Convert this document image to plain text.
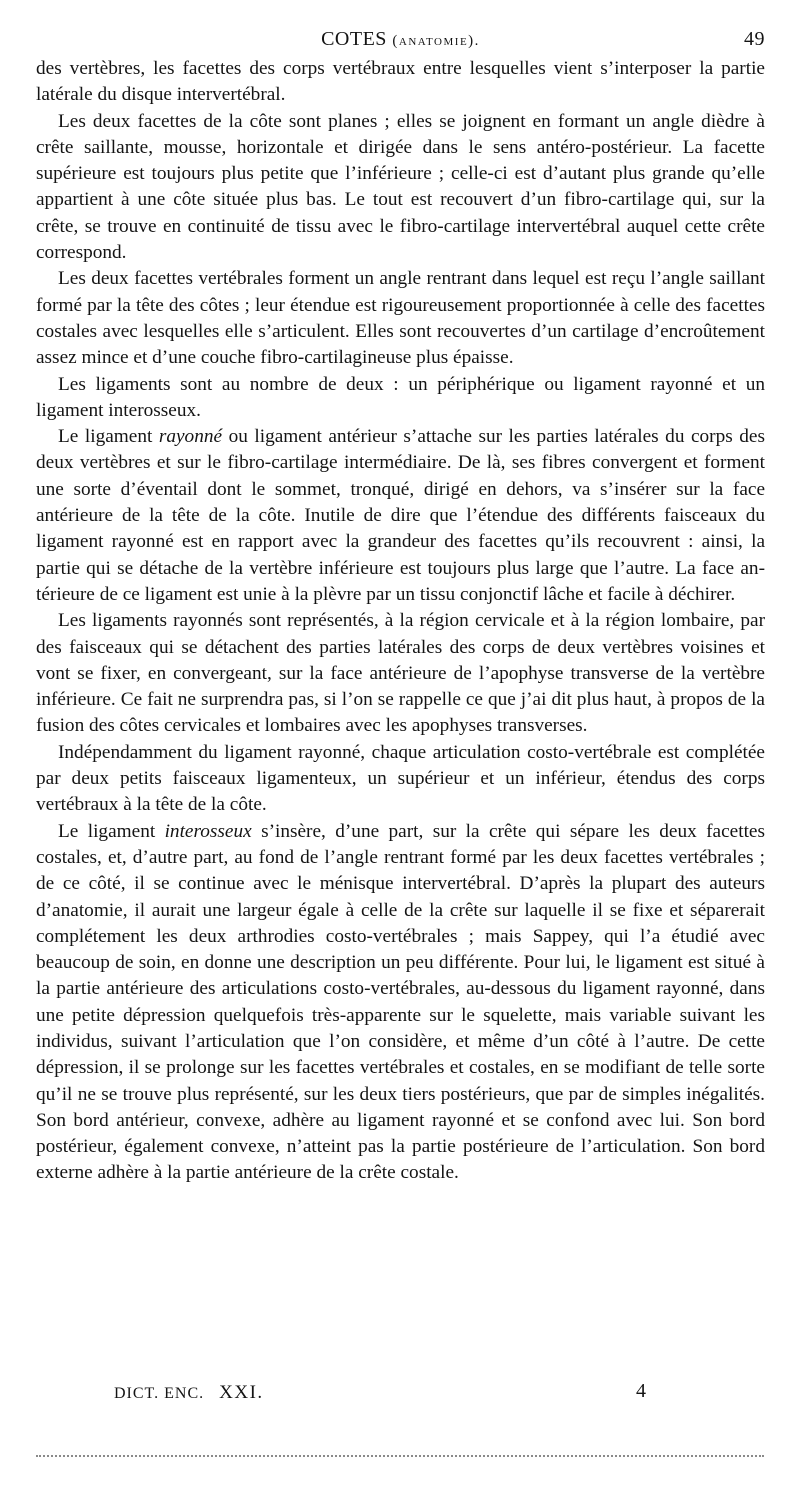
COTES (anatomie).	49

des vertèbres, les facettes des corps vertébraux entre lesquelles vient s’interposer la partie latérale du disque intervertébral.

Les deux facettes de la côte sont planes ; elles se joignent en formant un angle dièdre à crête saillante, mousse, horizontale et dirigée dans le sens antéro-postérieur. La facette supérieure est toujours plus petite que l’inférieure ; celle-ci est d’autant plus grande qu’elle appartient à une côte située plus bas. Le tout est recouvert d’un fibro-cartilage qui, sur la crête, se trouve en continuité de tissu avec le fibro-cartilage intervertébral auquel cette crête correspond.

Les deux facettes vertébrales forment un angle rentrant dans lequel est reçu l’angle saillant formé par la tête des côtes ; leur étendue est rigoureusement proportionnée à celle des facettes costales avec lesquelles elle s’articulent. Elles sont recouvertes d’un cartilage d’encroûtement assez mince et d’une couche fibro-cartilagineuse plus épaisse.

Les ligaments sont au nombre de deux : un périphérique ou ligament rayonné et un ligament interosseux.

Le ligament rayonné ou ligament antérieur s’attache sur les parties latérales du corps des deux vertèbres et sur le fibro-cartilage intermédiaire. De là, ses fibres convergent et forment une sorte d’éventail dont le sommet, tronqué, dirigé en dehors, va s’insérer sur la face antérieure de la tête de la côte. Inutile de dire que l’étendue des différents faisceaux du ligament rayonné est en rapport avec la grandeur des facettes qu’ils recouvrent : ainsi, la partie qui se détache de la vertèbre inférieure est toujours plus large que l’autre. La face antérieure de ce ligament est unie à la plèvre par un tissu conjonctif lâche et facile à déchirer.

Les ligaments rayonnés sont représentés, à la région cervicale et à la région lombaire, par des faisceaux qui se détachent des parties latérales des corps de deux vertèbres voisines et vont se fixer, en convergeant, sur la face antérieure de l’apophyse transverse de la vertèbre inférieure. Ce fait ne surprendra pas, si l’on se rappelle ce que j’ai dit plus haut, à propos de la fusion des côtes cervicales et lombaires avec les apophyses transverses.

Indépendamment du ligament rayonné, chaque articulation costo-vertébrale est complétée par deux petits faisceaux ligamenteux, un supérieur et un inférieur, étendus des corps vertébraux à la tête de la côte.

Le ligament interosseux s’insère, d’une part, sur la crête qui sépare les deux facettes costales, et, d’autre part, au fond de l’angle rentrant formé par les deux facettes vertébrales ; de ce côté, il se continue avec le ménisque intervertébral. D’après la plupart des auteurs d’anatomie, il aurait une largeur égale à celle de la crête sur laquelle il se fixe et séparerait complétement les deux arthrodies costo-vertébrales ; mais Sappey, qui l’a étudié avec beaucoup de soin, en donne une description un peu différente. Pour lui, le ligament est situé à la partie antérieure des articulations costo-vertébrales, au-dessous du ligament rayonné, dans une petite dépression quelquefois très-apparente sur le squelette, mais variable suivant les individus, suivant l’articulation que l’on considère, et même d’un côté à l’autre. De cette dépression, il se prolonge sur les facettes vertébrales et costales, en se modifiant de telle sorte qu’il ne se trouve plus représenté, sur les deux tiers postérieurs, que par de simples inégalités. Son bord antérieur, convexe, adhère au ligament rayonné et se confond avec lui. Son bord postérieur, également convexe, n’atteint pas la partie postérieure de l’articulation. Son bord externe adhère à la partie antérieure de la crête costale.

DICT. ENC. XXI.	4
